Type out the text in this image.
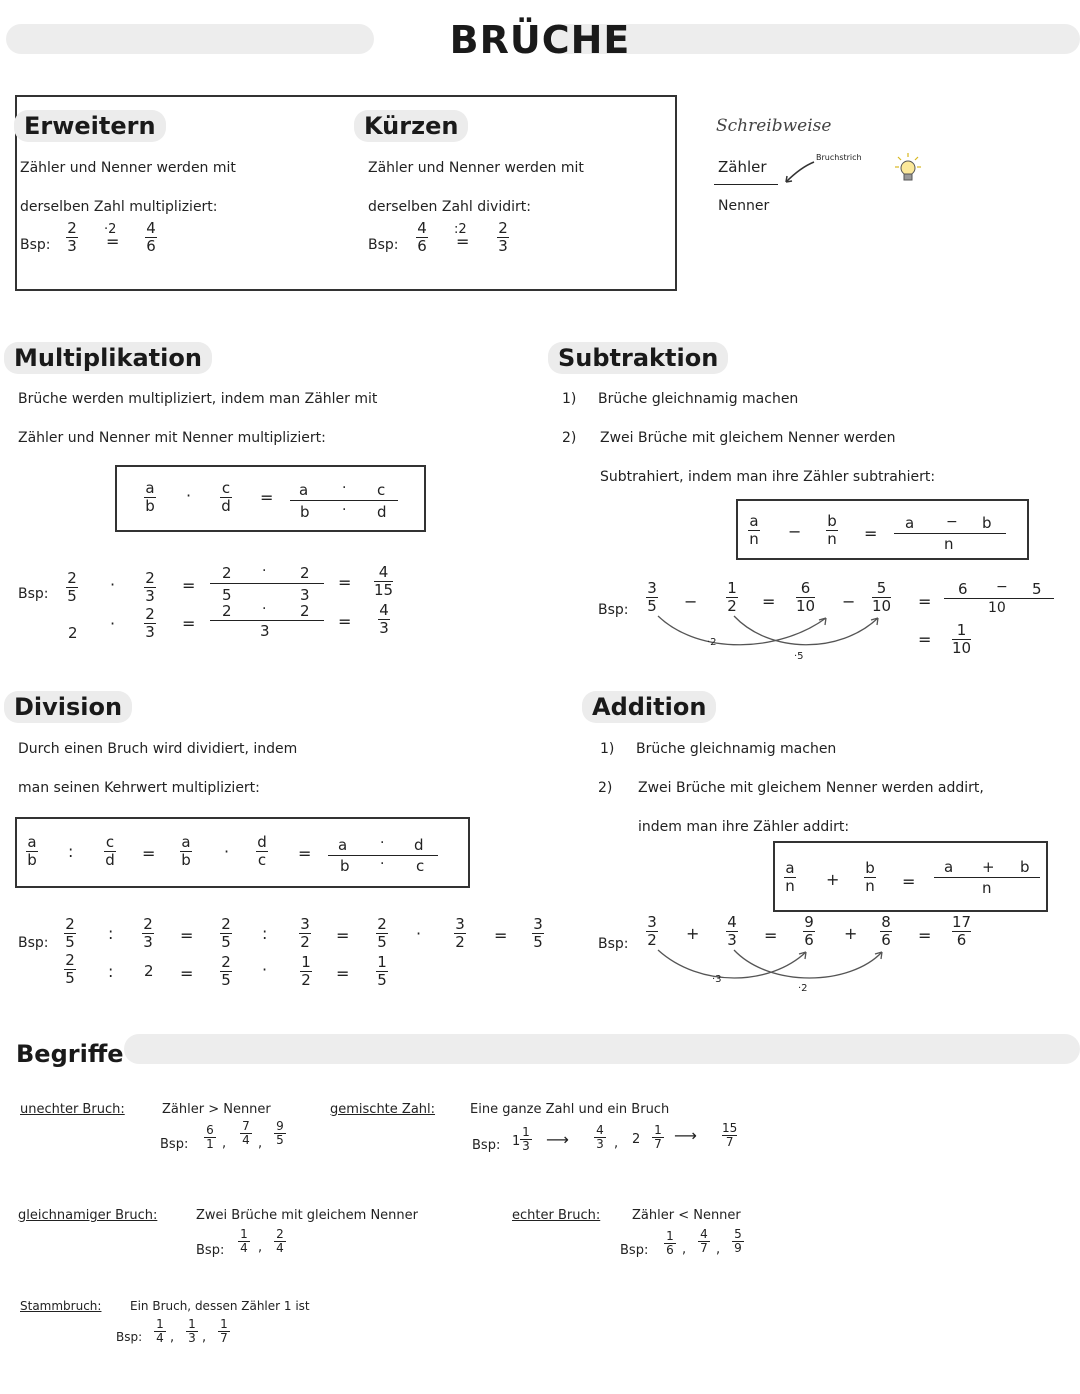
BRÜCHE
Erweitern
Zähler und Nenner werden mit
derselben Zahl multipliziert:
Bsp:
2
3
·2
=
4
6
Kürzen
Zähler und Nenner werden mit
derselben Zahl dividirt:
Bsp:
4
6
:2
=
2
3
Schreibweise
Zähler
Nenner
Bruchstrich
Multiplikation
Brüche werden multipliziert, indem man Zähler mit
Zähler und Nenner mit Nenner multipliziert:
a
b
· c
d = a · c
b · d
Bsp:
2
5
· 2
3
=
2 · 2
5	3
=
4
15
2 · 2
3 =
2 · 2
3	=
4
3
Subtraktion
1) Brüche gleichnamig machen
2) Zwei Brüche mit gleichem Nenner werden
Subtrahiert, indem man ihre Zähler subtrahiert:
a
n −
b
n =
a − b
n
Bsp:
3
5 −
1
2 =
6
10 −
5
10 =
6 − 5
10
= 1
10
·2
·5
Division
Durch einen Bruch wird dividiert, indem
man seinen Kehrwert multipliziert:
a
b : c
d =
a
b · d
c = a · d
b · c
Bsp:
2
5 : 2
3 =
2
5 : 3
2 =
2
5 · 3
2 =
3
5
2
5 : 2 =
2
5
· 1
2 =
1
5
Addition
1) Brüche gleichnamig machen
2) Zwei Brüche mit gleichem Nenner werden addirt,
indem man ihre Zähler addirt:
a
n +
b
n =
a + b
n
Bsp:
3
2 +
4
3 =
9
6 +
8
6 =
17
6
·3
·2
Begriffe
unechter Bruch:	Zähler > Nenner
Bsp:
6
1 ,
7
4 ,
9
5
gemischte Zahl:	Eine ganze Zahl und ein Bruch
Bsp: 1
1
3 ⟶ 4
3 , 2
1
7 ⟶ 15
7
gleichnamiger Bruch:	Zwei Brüche mit gleichem Nenner
Bsp:
1
4 ,
2
4
echter Bruch: Zähler < Nenner
Bsp:
1
6 ,
4
7 ,
5
9
Stammbruch: Ein Bruch, dessen Zähler 1 ist
Bsp:
1
4 ,
1
3 ,
1
7
